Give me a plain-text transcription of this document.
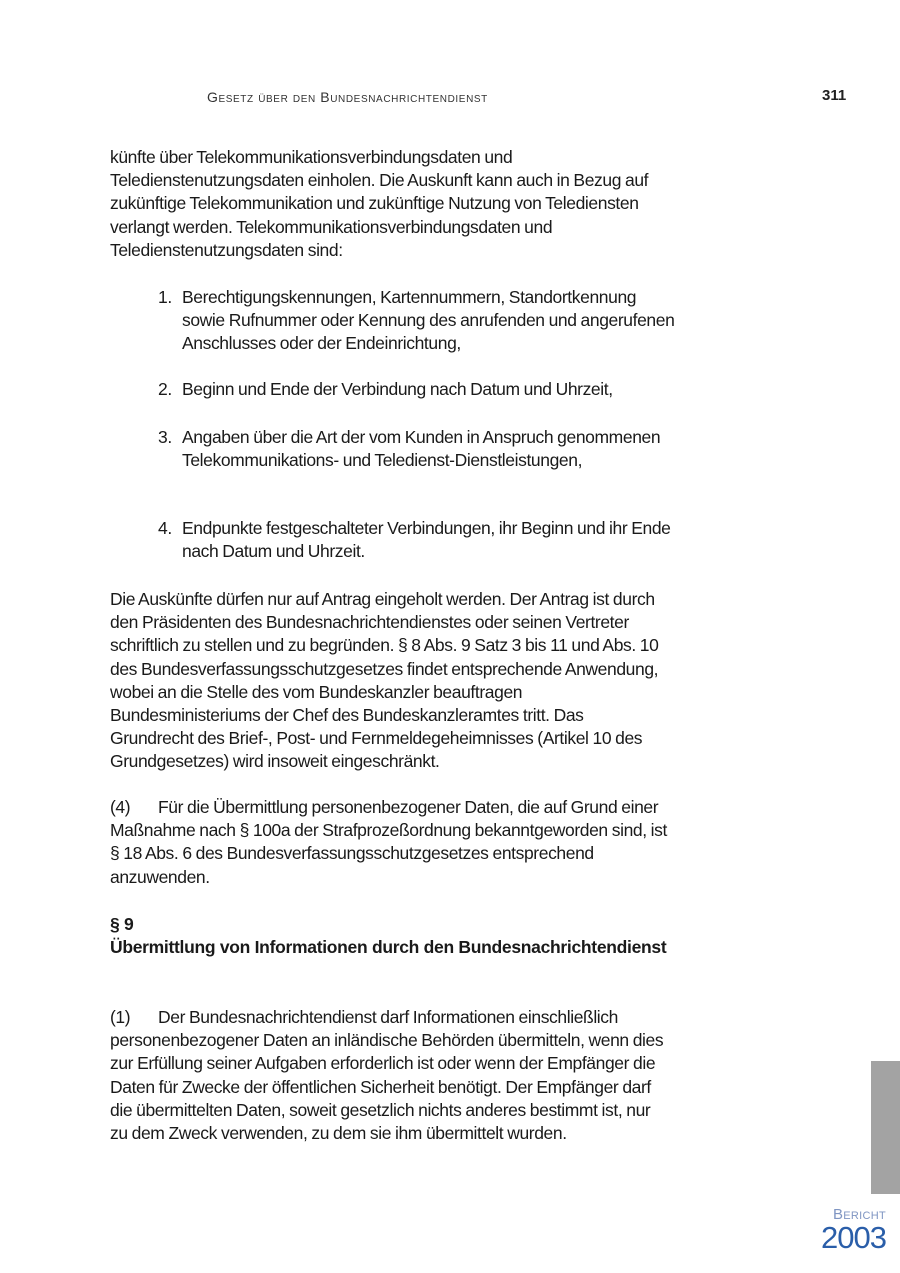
Gesetz über den Bundesnachrichtendienst	311

künfte über Telekommunikationsverbindungsdaten und Teledienstenutzungsdaten einholen. Die Auskunft kann auch in Bezug auf zukünftige Telekommunikation und zukünftige Nutzung von Telediensten verlangt werden. Telekommunikationsverbindungsdaten und Teledienstenutzungsdaten sind:

1. Berechtigungskennungen, Kartennummern, Standortkennung sowie Rufnummer oder Kennung des anrufenden und angerufenen Anschlusses oder der Endeinrichtung,
2. Beginn und Ende der Verbindung nach Datum und Uhrzeit,
3. Angaben über die Art der vom Kunden in Anspruch genommenen Telekommunikations- und Teledienst-Dienstleistungen,
4. Endpunkte festgeschalteter Verbindungen, ihr Beginn und ihr Ende nach Datum und Uhrzeit.

Die Auskünfte dürfen nur auf Antrag eingeholt werden. Der Antrag ist durch den Präsidenten des Bundesnachrichtendienstes oder seinen Vertreter schriftlich zu stellen und zu begründen. § 8 Abs. 9 Satz 3 bis 11 und Abs. 10 des Bundesverfassungsschutzgesetzes findet entsprechende Anwendung, wobei an die Stelle des vom Bundeskanzler beauftragen Bundesministeriums der Chef des Bundeskanzleramtes tritt. Das Grundrecht des Brief-, Post- und Fernmeldegeheimnisses (Artikel 10 des Grundgesetzes) wird insoweit eingeschränkt.

(4) Für die Übermittlung personenbezogener Daten, die auf Grund einer Maßnahme nach § 100a der Strafprozeßordnung bekanntgeworden sind, ist § 18 Abs. 6 des Bundesverfassungsschutzgesetzes entsprechend anzuwenden.

§ 9
Übermittlung von Informationen durch den Bundesnachrichtendienst

(1) Der Bundesnachrichtendienst darf Informationen einschließlich personenbezogener Daten an inländische Behörden übermitteln, wenn dies zur Erfüllung seiner Aufgaben erforderlich ist oder wenn der Empfänger die Daten für Zwecke der öffentlichen Sicherheit benötigt. Der Empfänger darf die übermittelten Daten, soweit gesetzlich nichts anderes bestimmt ist, nur zu dem Zweck verwenden, zu dem sie ihm übermittelt wurden.

Bericht
2003
